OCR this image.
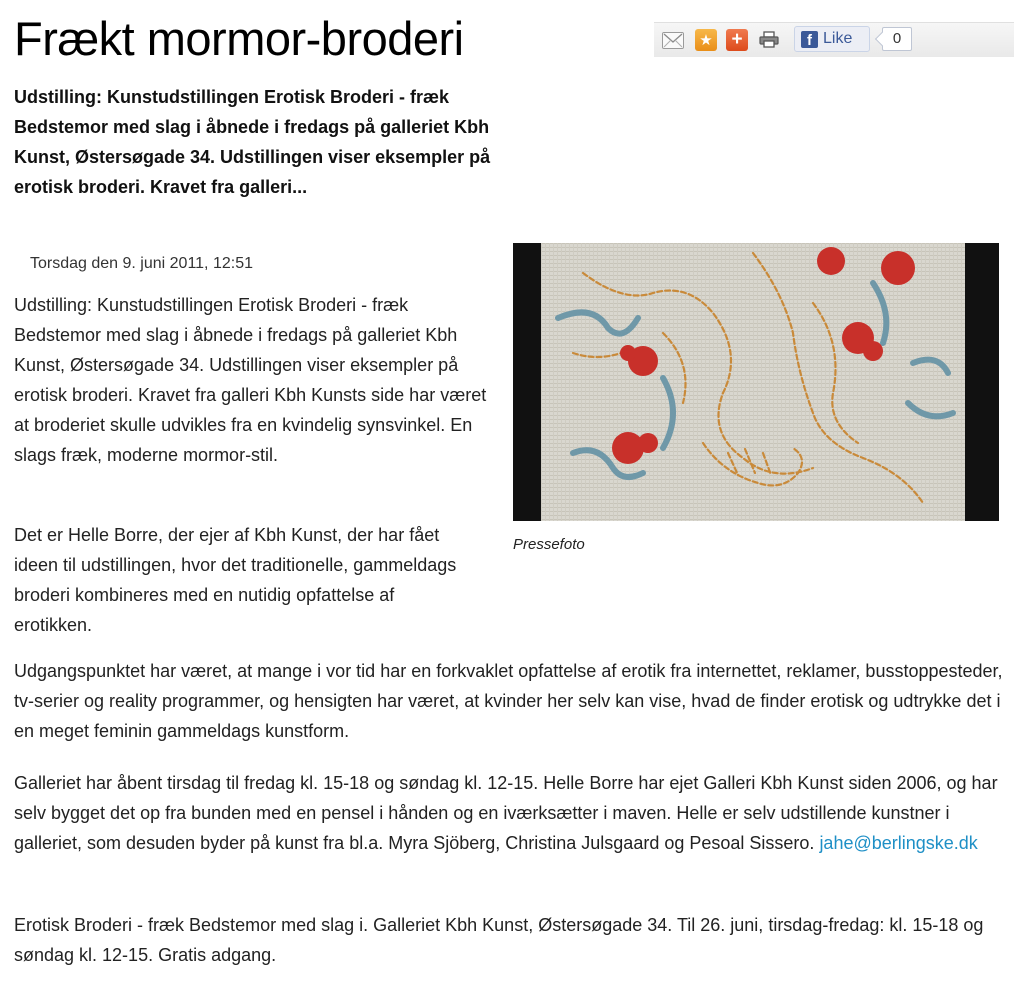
Frækt mormor-broderi	★ +	f Like	0

Udstilling: Kunstudstillingen Erotisk Broderi - fræk Bedstemor med slag i åbnede i fredags på galleriet Kbh Kunst, Østersøgade 34. Udstillingen viser eksempler på erotisk broderi. Kravet fra galleri...

Torsdag den 9. juni 2011, 12:51

Udstilling: Kunstudstillingen Erotisk Broderi - fræk Bedstemor med slag i åbnede i fredags på galleriet Kbh Kunst, Østersøgade 34. Udstillingen viser eksempler på erotisk broderi. Kravet fra galleri Kbh Kunsts side har været at broderiet skulle udvikles fra en kvindelig synsvinkel. En slags fræk, moderne mormor-stil.

Det er Helle Borre, der ejer af Kbh Kunst, der har fået ideen til udstillingen, hvor det traditionelle, gammeldags broderi kombineres med en nutidig opfattelse af erotikken.

Udgangspunktet har været, at mange i vor tid har en forkvaklet opfattelse af erotik fra internettet, reklamer, busstoppesteder, tv-serier og reality programmer, og hensigten har været, at kvinder her selv kan vise, hvad de finder erotisk og udtrykke det i en meget feminin gammeldags kunstform.

Galleriet har åbent tirsdag til fredag kl. 15-18 og søndag kl. 12-15. Helle Borre har ejet Galleri Kbh Kunst siden 2006, og har selv bygget det op fra bunden med en pensel i hånden og en iværksætter i maven. Helle er selv udstillende kunstner i galleriet, som desuden byder på kunst fra bl.a. Myra Sjöberg, Christina Julsgaard og Pesoal Sissero. jahe@berlingske.dk

Erotisk Broderi - fræk Bedstemor med slag i. Galleriet Kbh Kunst, Østersøgade 34. Til 26. juni, tirsdag-fredag: kl. 15-18 og søndag kl. 12-15. Gratis adgang.

Pressefoto
